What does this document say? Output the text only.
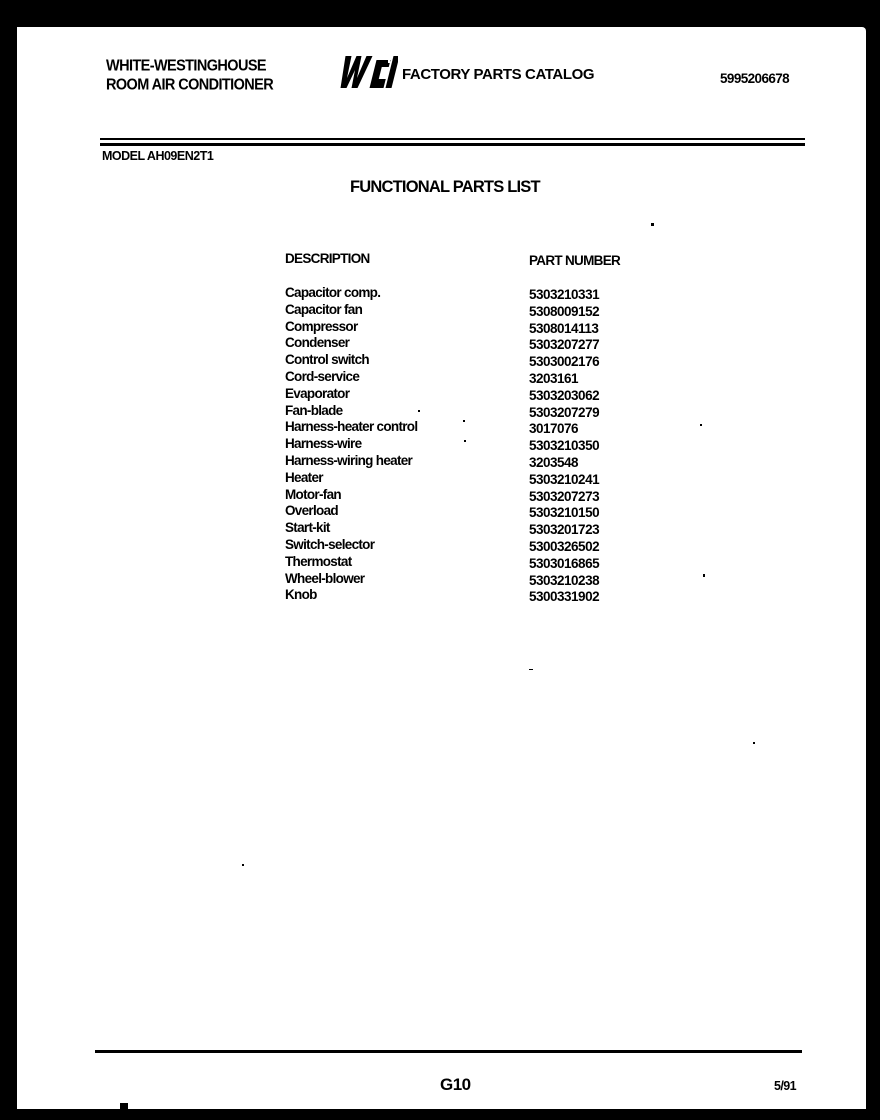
WHITE-WESTINGHOUSE
ROOM AIR CONDITIONER
FACTORY PARTS CATALOG	5995206678
MODEL AH09EN2T1
FUNCTIONAL PARTS LIST
DESCRIPTION	PART NUMBER
Capacitor comp.	5303210331
Capacitor fan	5308009152
Compressor	5308014113
Condenser	5303207277
Control switch	5303002176
Cord-service	3203161
Evaporator	5303203062
Fan-blade	5303207279
Harness-heater control	3017076
Harness-wire	5303210350
Harness-wiring heater	3203548
Heater	5303210241
Motor-fan	5303207273
Overload	5303210150
Start-kit	5303201723
Switch-selector	5300326502
Thermostat	5303016865
Wheel-blower	5303210238
Knob	5300331902
G10	5/91
